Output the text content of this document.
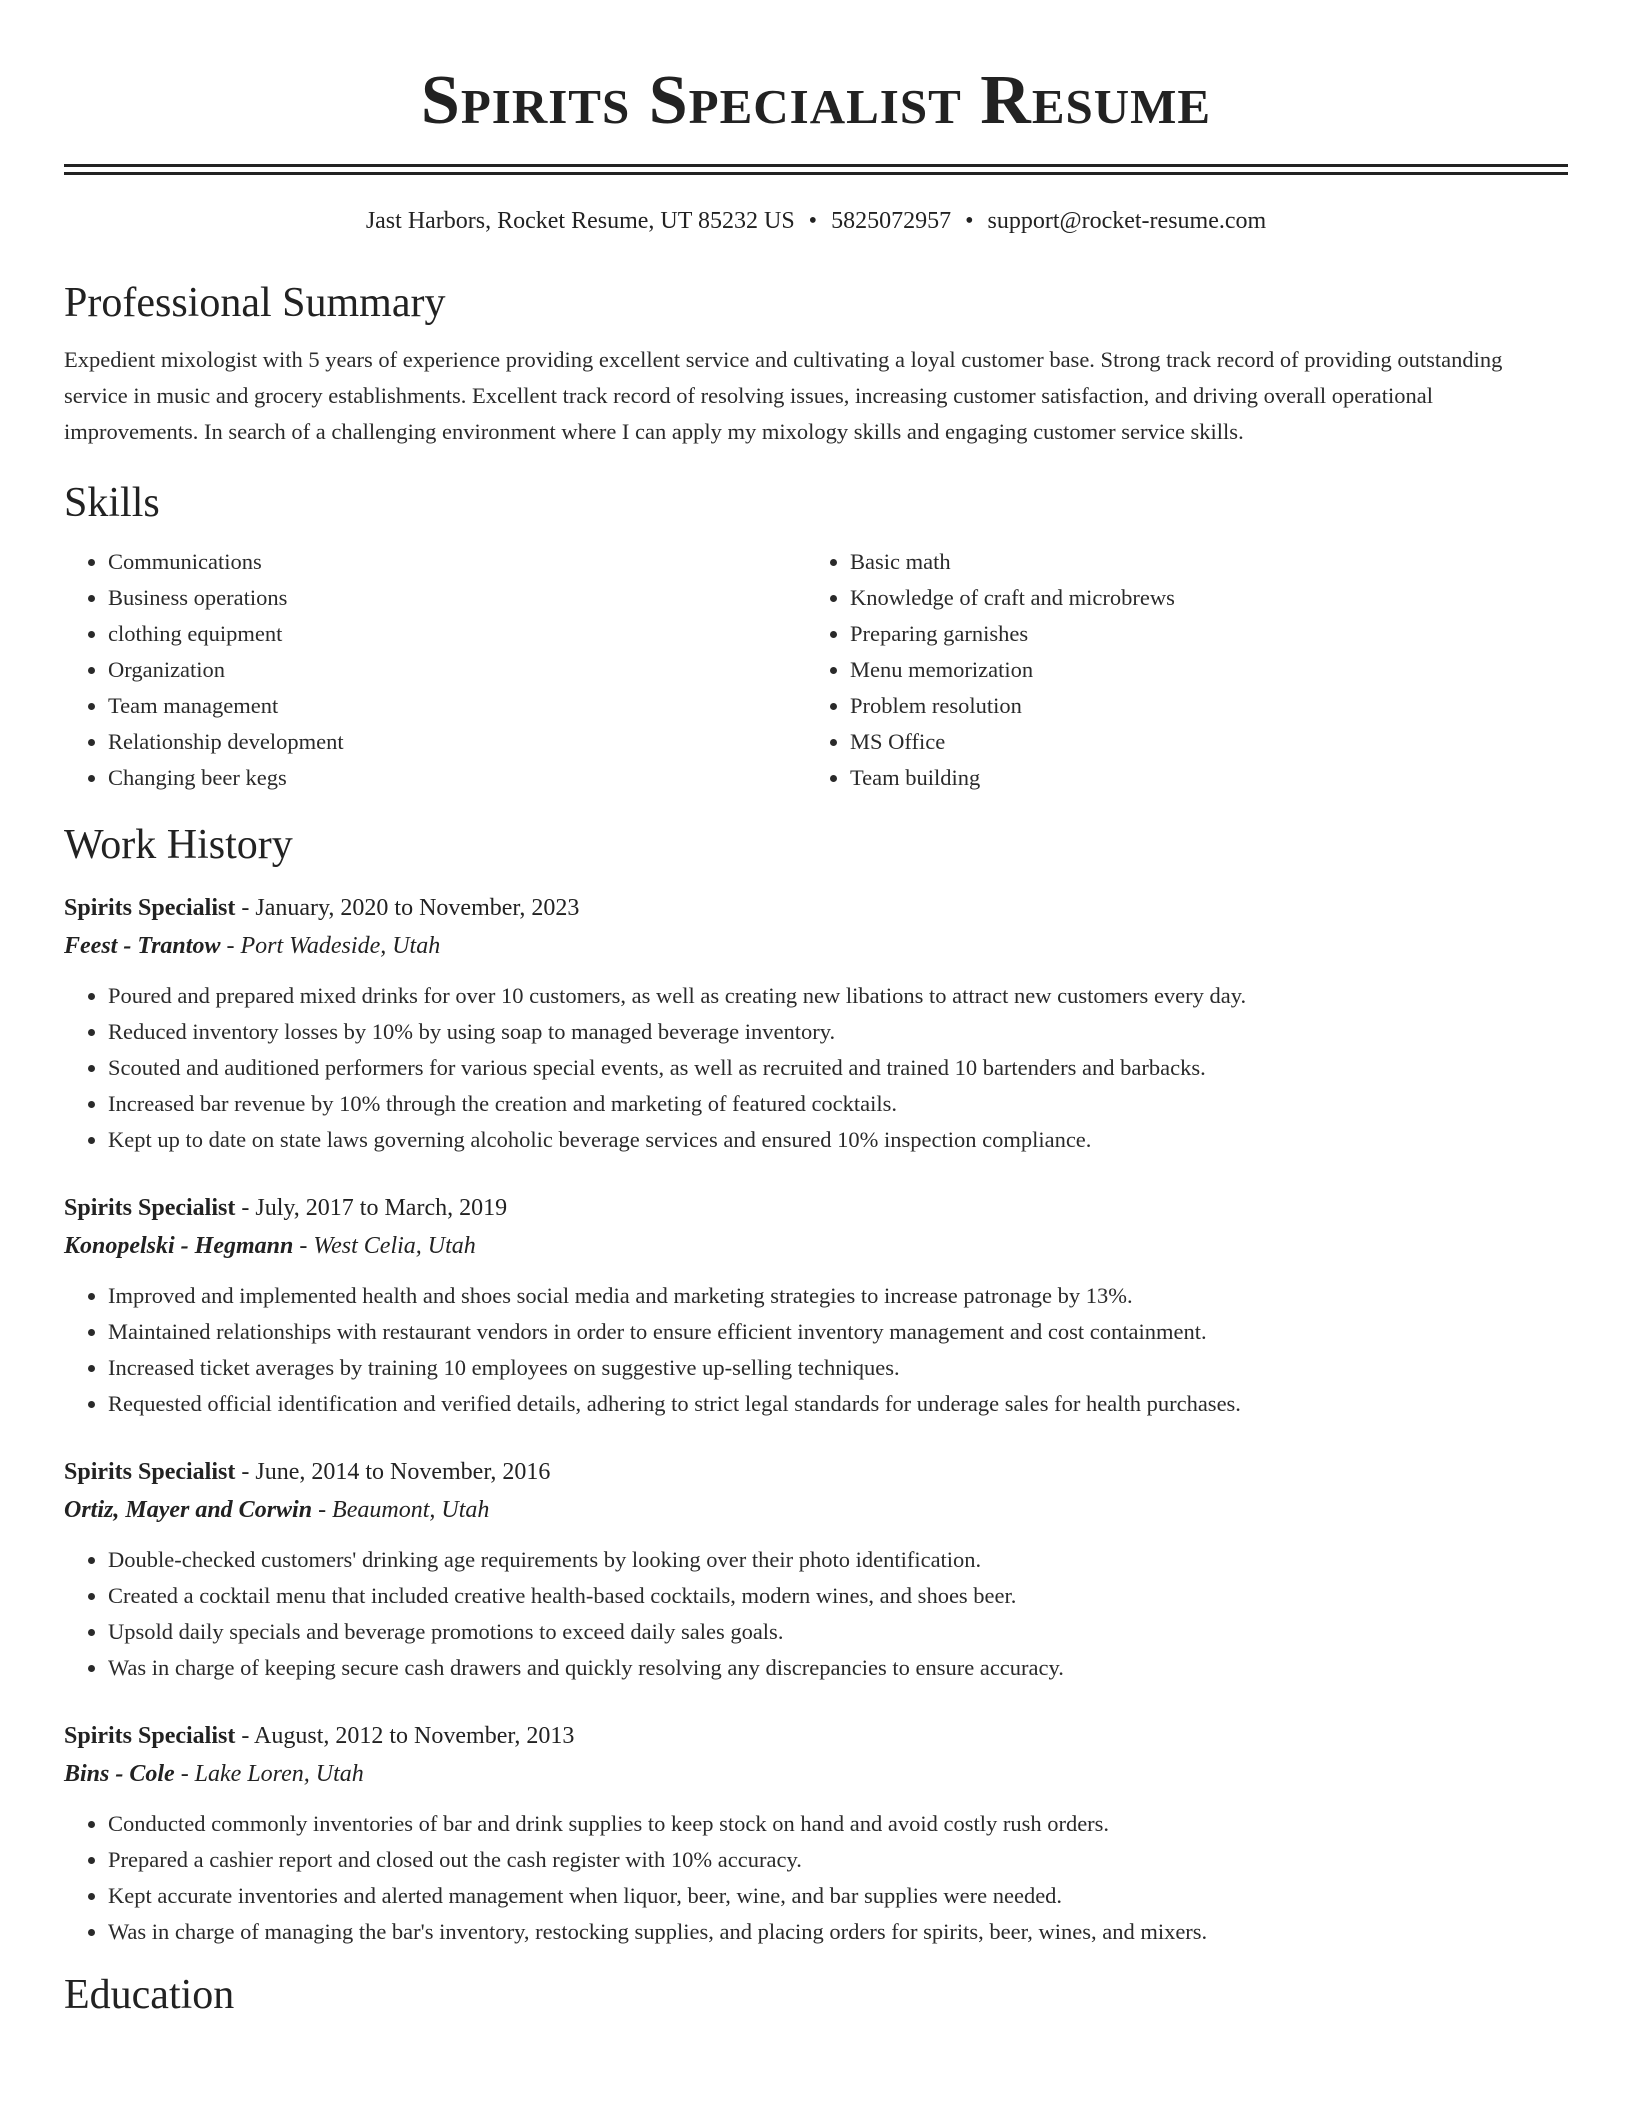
Spirits Specialist Resume
Jast Harbors, Rocket Resume, UT 85232 US • 5825072957 • support@rocket-resume.com
Professional Summary

Expedient mixologist with 5 years of experience providing excellent service and cultivating a loyal customer base. Strong track record of providing outstanding service in music and grocery establishments. Excellent track record of resolving issues, increasing customer satisfaction, and driving overall operational improvements. In search of a challenging environment where I can apply my mixology skills and engaging customer service skills.

Skills
• Communications
• Business operations
• clothing equipment
• Organization
• Team management
• Relationship development
• Changing beer kegs
• Basic math
• Knowledge of craft and microbrews
• Preparing garnishes
• Menu memorization
• Problem resolution
• MS Office
• Team building
Work History
Spirits Specialist - January, 2020 to November, 2023
Feest - Trantow - Port Wadeside, Utah
• Poured and prepared mixed drinks for over 10 customers, as well as creating new libations to attract new customers every day.
• Reduced inventory losses by 10% by using soap to managed beverage inventory.
• Scouted and auditioned performers for various special events, as well as recruited and trained 10 bartenders and barbacks.
• Increased bar revenue by 10% through the creation and marketing of featured cocktails.
• Kept up to date on state laws governing alcoholic beverage services and ensured 10% inspection compliance.
Spirits Specialist - July, 2017 to March, 2019
Konopelski - Hegmann - West Celia, Utah
• Improved and implemented health and shoes social media and marketing strategies to increase patronage by 13%.
• Maintained relationships with restaurant vendors in order to ensure efficient inventory management and cost containment.
• Increased ticket averages by training 10 employees on suggestive up-selling techniques.
• Requested official identification and verified details, adhering to strict legal standards for underage sales for health purchases.
Spirits Specialist - June, 2014 to November, 2016
Ortiz, Mayer and Corwin - Beaumont, Utah
• Double-checked customers' drinking age requirements by looking over their photo identification.
• Created a cocktail menu that included creative health-based cocktails, modern wines, and shoes beer.
• Upsold daily specials and beverage promotions to exceed daily sales goals.
• Was in charge of keeping secure cash drawers and quickly resolving any discrepancies to ensure accuracy.
Spirits Specialist - August, 2012 to November, 2013
Bins - Cole - Lake Loren, Utah
• Conducted commonly inventories of bar and drink supplies to keep stock on hand and avoid costly rush orders.
• Prepared a cashier report and closed out the cash register with 10% accuracy.
• Kept accurate inventories and alerted management when liquor, beer, wine, and bar supplies were needed.
• Was in charge of managing the bar's inventory, restocking supplies, and placing orders for spirits, beer, wines, and mixers.
Education
